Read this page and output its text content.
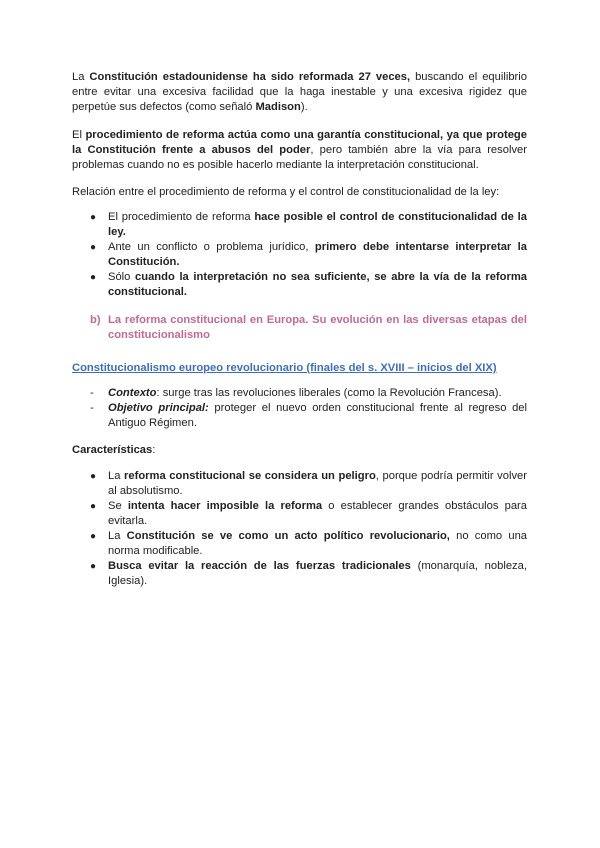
La Constitución estadounidense ha sido reformada 27 veces, buscando el equilibrio entre evitar una excesiva facilidad que la haga inestable y una excesiva rigidez que perpetúe sus defectos (como señaló Madison).

El procedimiento de reforma actúa como una garantía constitucional, ya que protege la Constitución frente a abusos del poder, pero también abre la vía para resolver problemas cuando no es posible hacerlo mediante la interpretación constitucional.

Relación entre el procedimiento de reforma y el control de constitucionalidad de la ley:

● El procedimiento de reforma hace posible el control de constitucionalidad de la ley.
● Ante un conflicto o problema jurídico, primero debe intentarse interpretar la Constitución.
● Sólo cuando la interpretación no sea suficiente, se abre la vía de la reforma constitucional.
b) La reforma constitucional en Europa. Su evolución en las diversas etapas del constitucionalismo
Constitucionalismo europeo revolucionario (finales del s. XVIII – inicios del XIX)
- Contexto: surge tras las revoluciones liberales (como la Revolución Francesa).
- Objetivo principal: proteger el nuevo orden constitucional frente al regreso del Antiguo Régimen.
Características:
● La reforma constitucional se considera un peligro, porque podría permitir volver al absolutismo.
● Se intenta hacer imposible la reforma o establecer grandes obstáculos para evitarla.
● La Constitución se ve como un acto político revolucionario, no como una norma modificable.
● Busca evitar la reacción de las fuerzas tradicionales (monarquía, nobleza, Iglesia).
